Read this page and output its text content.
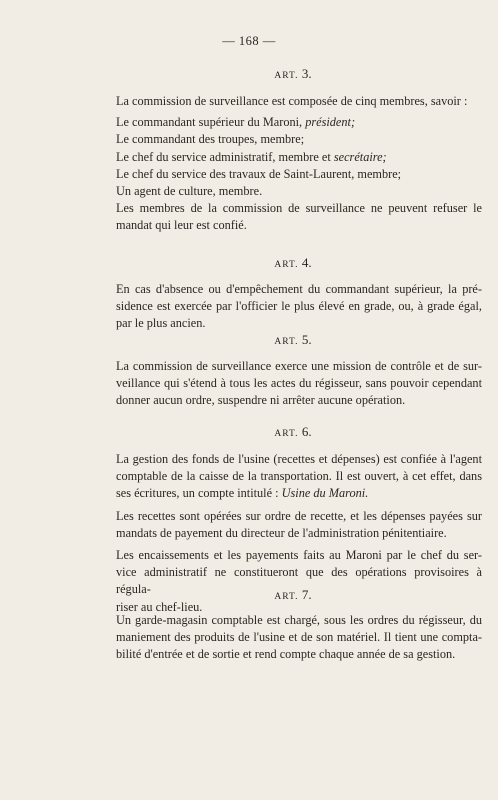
— 168 —
ART. 3.
La commission de surveillance est composée de cinq membres, savoir :
Le commandant supérieur du Maroni, président;
Le commandant des troupes, membre;
Le chef du service administratif, membre et secrétaire;
Le chef du service des travaux de Saint-Laurent, membre;
Un agent de culture, membre.
Les membres de la commission de surveillance ne peuvent refuser le
mandat qui leur est confié.
ART. 4.
En cas d'absence ou d'empêchement du commandant supérieur, la pré-
sidence est exercée par l'officier le plus élevé en grade, ou, à grade égal,
par le plus ancien.
ART. 5.
La commission de surveillance exerce une mission de contrôle et de sur-
veillance qui s'étend à tous les actes du régisseur, sans pouvoir cependant
donner aucun ordre, suspendre ni arrêter aucune opération.
ART. 6.
La gestion des fonds de l'usine (recettes et dépenses) est confiée à l'agent
comptable de la caisse de la transportation. Il est ouvert, à cet effet, dans
ses écritures, un compte intitulé : Usine du Maroni.
Les recettes sont opérées sur ordre de recette, et les dépenses payées sur
mandats de payement du directeur de l'administration pénitentiaire.
Les encaissements et les payements faits au Maroni par le chef du ser-
vice administratif ne constitueront que des opérations provisoires à régula-
riser au chef-lieu.
ART. 7.
Un garde-magasin comptable est chargé, sous les ordres du régisseur, du
maniement des produits de l'usine et de son matériel. Il tient une compta-
bilité d'entrée et de sortie et rend compte chaque année de sa gestion.
